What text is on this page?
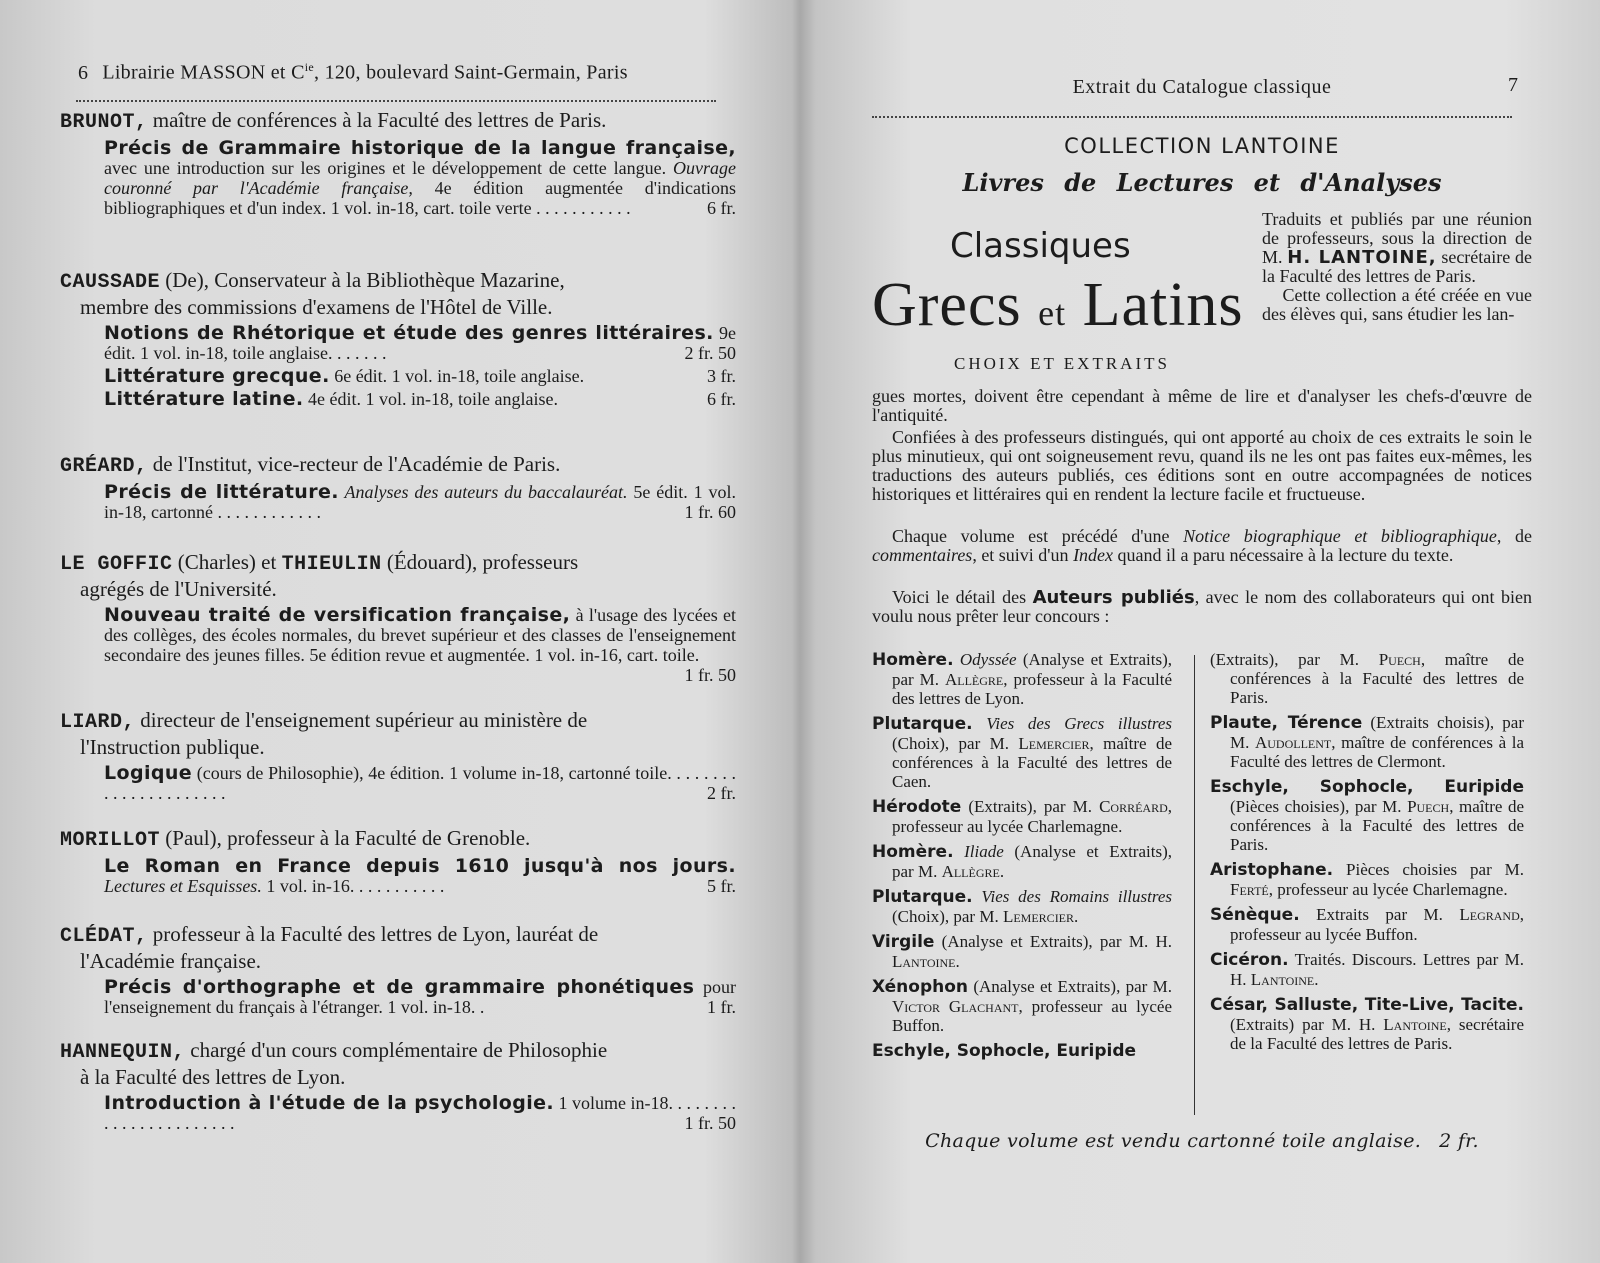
6 Librairie MASSON et $C^{ie}$, 120, boulevard Saint-Germain, Paris
BRUNOT, maître de conférences à la Faculté des lettres de Paris.
Précis de Grammaire historique de la langue française, avec une introduction sur les origines et le développement de cette langue. Ouvrage couronné par l'Académie française, 4e édition augmentée d'indications bibliographiques et d'un index. 1 vol. in-18, cart. toile verte . . . . . . . . . . .	6 fr.
CAUSSADE (De), Conservateur à la Bibliothèque Mazarine,
membre des commissions d'examens de l'Hôtel de Ville.
Notions de Rhétorique et étude des genres littéraires. 9e édit. 1 vol. in-18, toile anglaise. . . . . . .	2 fr. 50
Littérature grecque. 6e édit. 1 vol. in-18, toile anglaise.	3 fr.
Littérature latine. 4e édit. 1 vol. in-18, toile anglaise.	6 fr.
GRÉARD, de l'Institut, vice-recteur de l'Académie de Paris.
Précis de littérature. Analyses des auteurs du baccalauréat. 5e édit. 1 vol. in-18, cartonné . . . . . . . . . . . .	1 fr. 60
LE GOFFIC (Charles) et THIEULIN (Édouard), professeurs
agrégés de l'Université.
Nouveau traité de versification française, à l'usage des lycées et des collèges, des écoles normales, du brevet supérieur et des classes de l'enseignement secondaire des jeunes filles. 5e édition revue et augmentée. 1 vol. in-16, cart. toile.
1 fr. 50
LIARD, directeur de l'enseignement supérieur au ministère de
l'Instruction publique.
Logique (cours de Philosophie), 4e édition. 1 volume in-18, cartonné toile. . . . . . . . . . . . . . . . . . . . . .	2 fr.
MORILLOT (Paul), professeur à la Faculté de Grenoble.
Le Roman en France depuis 1610 jusqu'à nos jours. Lectures et Esquisses. 1 vol. in-16. . . . . . . . . . .	5 fr.
CLÉDAT, professeur à la Faculté des lettres de Lyon, lauréat de
l'Académie française.
Précis d'orthographe et de grammaire phonétiques pour l'enseignement du français à l'étranger. 1 vol. in-18. .	1 fr.
HANNEQUIN, chargé d'un cours complémentaire de Philosophie
à la Faculté des lettres de Lyon.
Introduction à l'étude de la psychologie. 1 volume in-18. . . . . . . . . . . . . . . . . . . . . . .	1 fr. 50
Extrait du Catalogue classique	7
COLLECTION LANTOINE
Livres de Lectures et d'Analyses
Classiques
Grecs et Latins
CHOIX ET EXTRAITS
Traduits et publiés par une réunion de professeurs, sous la direction de M. H. LANTOINE, secrétaire de la Faculté des lettres de Paris.
Cette collection a été créée en vue des élèves qui, sans étudier les lan-
gues mortes, doivent être cependant à même de lire et d'analyser les chefs-d'œuvre de l'antiquité.
Confiées à des professeurs distingués, qui ont apporté au choix de ces extraits le soin le plus minutieux, qui ont soigneusement revu, quand ils ne les ont pas faites eux-mêmes, les traductions des auteurs publiés, ces éditions sont en outre accompagnées de notices historiques et littéraires qui en rendent la lecture facile et fructueuse.
Chaque volume est précédé d'une Notice biographique et bibliographique, de commentaires, et suivi d'un Index quand il a paru nécessaire à la lecture du texte.
Voici le détail des Auteurs publiés, avec le nom des collaborateurs qui ont bien voulu nous prêter leur concours :
Homère. Odyssée (Analyse et Extraits), par M. Allègre, professeur à la Faculté des lettres de Lyon.
Plutarque. Vies des Grecs illustres (Choix), par M. Lemercier, maître de conférences à la Faculté des lettres de Caen.
Hérodote (Extraits), par M. Corréard, professeur au lycée Charlemagne.
Homère. Iliade (Analyse et Extraits), par M. Allègre.
Plutarque. Vies des Romains illustres (Choix), par M. Lemercier.
Virgile (Analyse et Extraits), par M. H. Lantoine.
Xénophon (Analyse et Extraits), par M. Victor Glachant, professeur au lycée Buffon.
Eschyle, Sophocle, Euripide
(Extraits), par M. Puech, maître de conférences à la Faculté des lettres de Paris.
Plaute, Térence (Extraits choisis), par M. Audollent, maître de conférences à la Faculté des lettres de Clermont.
Eschyle, Sophocle, Euripide (Pièces choisies), par M. Puech, maître de conférences à la Faculté des lettres de Paris.
Aristophane. Pièces choisies par M. Ferté, professeur au lycée Charlemagne.
Sénèque. Extraits par M. Legrand, professeur au lycée Buffon.
Cicéron. Traités. Discours. Lettres par M. H. Lantoine.
César, Salluste, Tite-Live, Tacite. (Extraits) par M. H. Lantoine, secrétaire de la Faculté des lettres de Paris.
Chaque volume est vendu cartonné toile anglaise. 2 fr.
